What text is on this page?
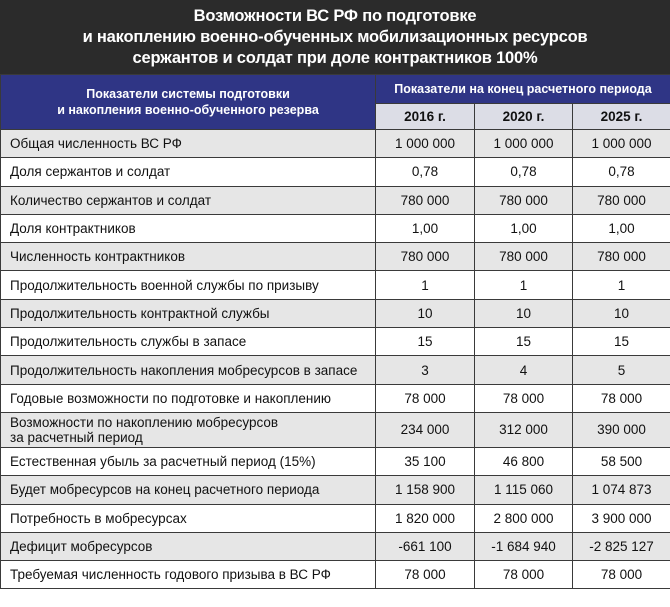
Возможности ВС РФ по подготовке
и накоплению военно-обученных мобилизационных ресурсов
сержантов и солдат при доле контрактников 100%
Показатели системы подготовки
и накопления военно-обученного резерва	Показатели на конец расчетного периода		
	2016 г.	2020 г.	2025 г.

Общая численность ВС РФ	1 000 000	1 000 000	1 000 000

Доля сержантов и солдат	0,78	0,78	0,78

Количество сержантов и солдат	780 000	780 000	780 000

Доля контрактников	1,00	1,00	1,00

Численность контрактников	780 000	780 000	780 000

Продолжительность военной службы по призыву	1	1	1

Продолжительность контрактной службы	10	10	10

Продолжительность службы в запасе	15	15	15

Продолжительность накопления мобресурсов в запасе	3	4	5

Годовые возможности по подготовке и накоплению	78 000	78 000	78 000

Возможности по накоплению мобресурсов
за расчетный период	234 000	312 000	390 000

Естественная убыль за расчетный период (15%)	35 100	46 800	58 500

Будет мобресурсов на конец расчетного периода	1 158 900	1 115 060	1 074 873

Потребность в мобресурсах	1 820 000	2 800 000	3 900 000

Дефицит мобресурсов	-661 100	-1 684 940	-2 825 127

Требуемая численность годового призыва в ВС РФ	78 000	78 000	78 000
